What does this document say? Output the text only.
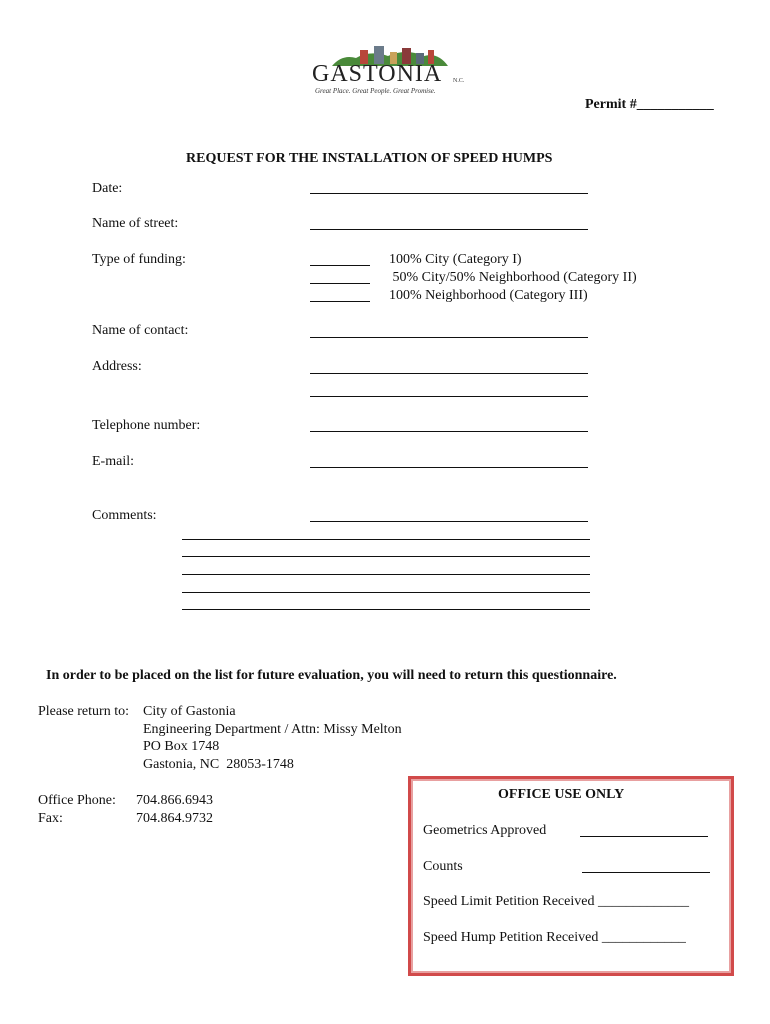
GASTONIA N.C.
Great Place. Great People. Great Promise.
Permit #___________
REQUEST FOR THE INSTALLATION OF SPEED HUMPS
Date:
Name of street:
Type of funding:	100% City (Category I)
50% City/50% Neighborhood (Category II)
100% Neighborhood (Category III)
Name of contact:
Address:
Telephone number:
E-mail:
Comments:
In order to be placed on the list for future evaluation, you will need to return this questionnaire.
Please return to: City of Gastonia
Engineering Department / Attn: Missy Melton
PO Box 1748
Gastonia, NC  28053-1748
Office Phone: 704.866.6943
Fax:	704.864.9732
OFFICE USE ONLY
Geometrics Approved
Counts
Speed Limit Petition Received _____________
Speed Hump Petition Received ____________
